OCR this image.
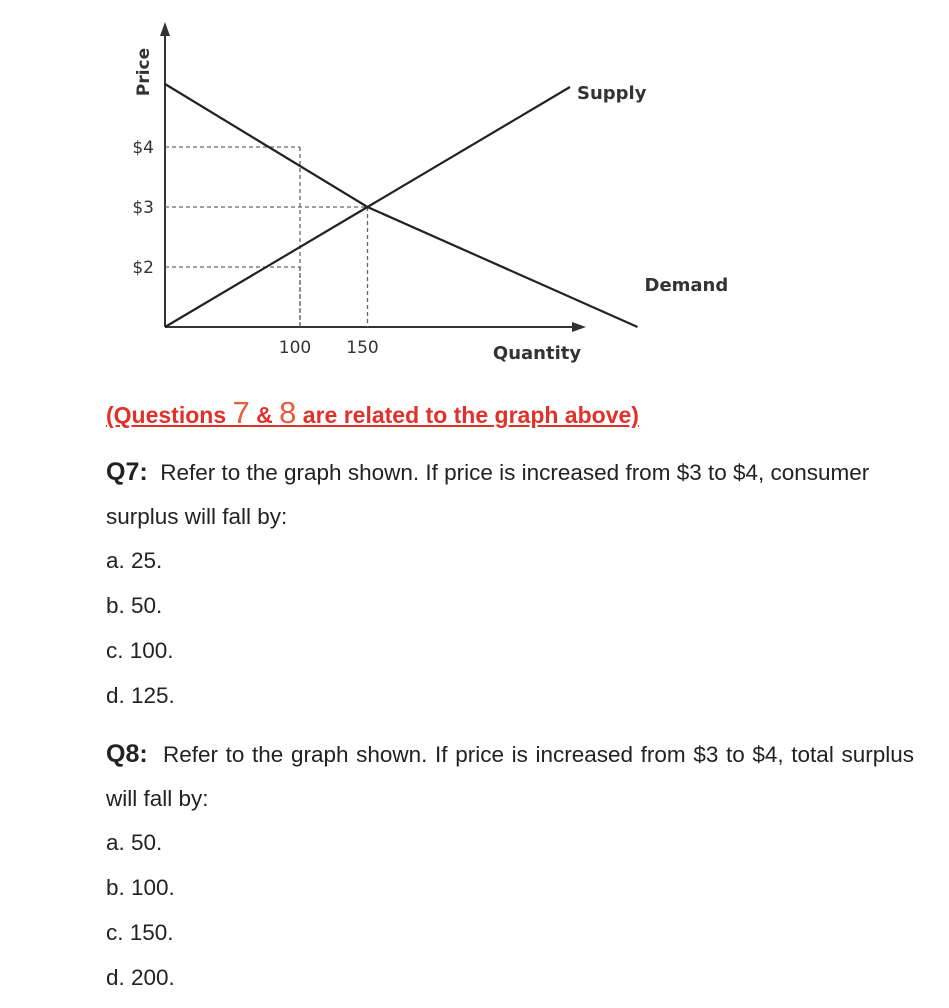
Price
Quantity
$4
$3
$2
100 150
Supply
Demand

(Questions 7 & 8 are related to the graph above)

Q7: Refer to the graph shown. If price is increased from $3 to $4, consumer surplus will fall by:

a. 25.

b. 50.

c. 100.

d. 125.

Q8: Refer to the graph shown. If price is increased from $3 to $4, total surplus will fall by:

a. 50.

b. 100.

c. 150.

d. 200.
